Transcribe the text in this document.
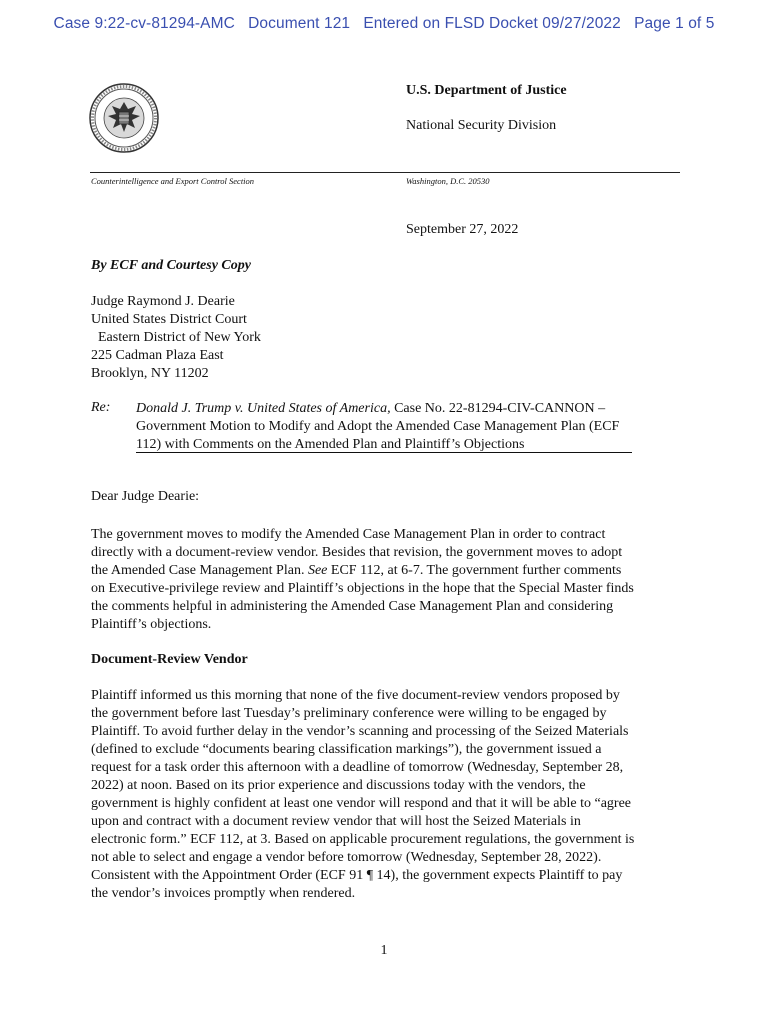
Case 9:22-cv-81294-AMC   Document 121   Entered on FLSD Docket 09/27/2022   Page 1 of 5
U.S. Department of Justice
National Security Division
Counterintelligence and Export Control Section	Washington, D.C. 20530
September 27, 2022
By ECF and Courtesy Copy
Judge Raymond J. Dearie
United States District Court
Eastern District of New York
225 Cadman Plaza East
Brooklyn, NY 11202
Re: Donald J. Trump v. United States of America, Case No. 22-81294-CIV-CANNON –
Government Motion to Modify and Adopt the Amended Case Management Plan (ECF
112) with Comments on the Amended Plan and Plaintiff’s Objections
Dear Judge Dearie:
The government moves to modify the Amended Case Management Plan in order to contract
directly with a document-review vendor. Besides that revision, the government moves to adopt
the Amended Case Management Plan. See ECF 112, at 6-7. The government further comments
on Executive-privilege review and Plaintiff’s objections in the hope that the Special Master finds
the comments helpful in administering the Amended Case Management Plan and considering
Plaintiff’s objections.
Document-Review Vendor
Plaintiff informed us this morning that none of the five document-review vendors proposed by
the government before last Tuesday’s preliminary conference were willing to be engaged by
Plaintiff. To avoid further delay in the vendor’s scanning and processing of the Seized Materials
(defined to exclude “documents bearing classification markings”), the government issued a
request for a task order this afternoon with a deadline of tomorrow (Wednesday, September 28,
2022) at noon. Based on its prior experience and discussions today with the vendors, the
government is highly confident at least one vendor will respond and that it will be able to “agree
upon and contract with a document review vendor that will host the Seized Materials in
electronic form.” ECF 112, at 3. Based on applicable procurement regulations, the government is
not able to select and engage a vendor before tomorrow (Wednesday, September 28, 2022).
Consistent with the Appointment Order (ECF 91 ¶ 14), the government expects Plaintiff to pay
the vendor’s invoices promptly when rendered.
1
